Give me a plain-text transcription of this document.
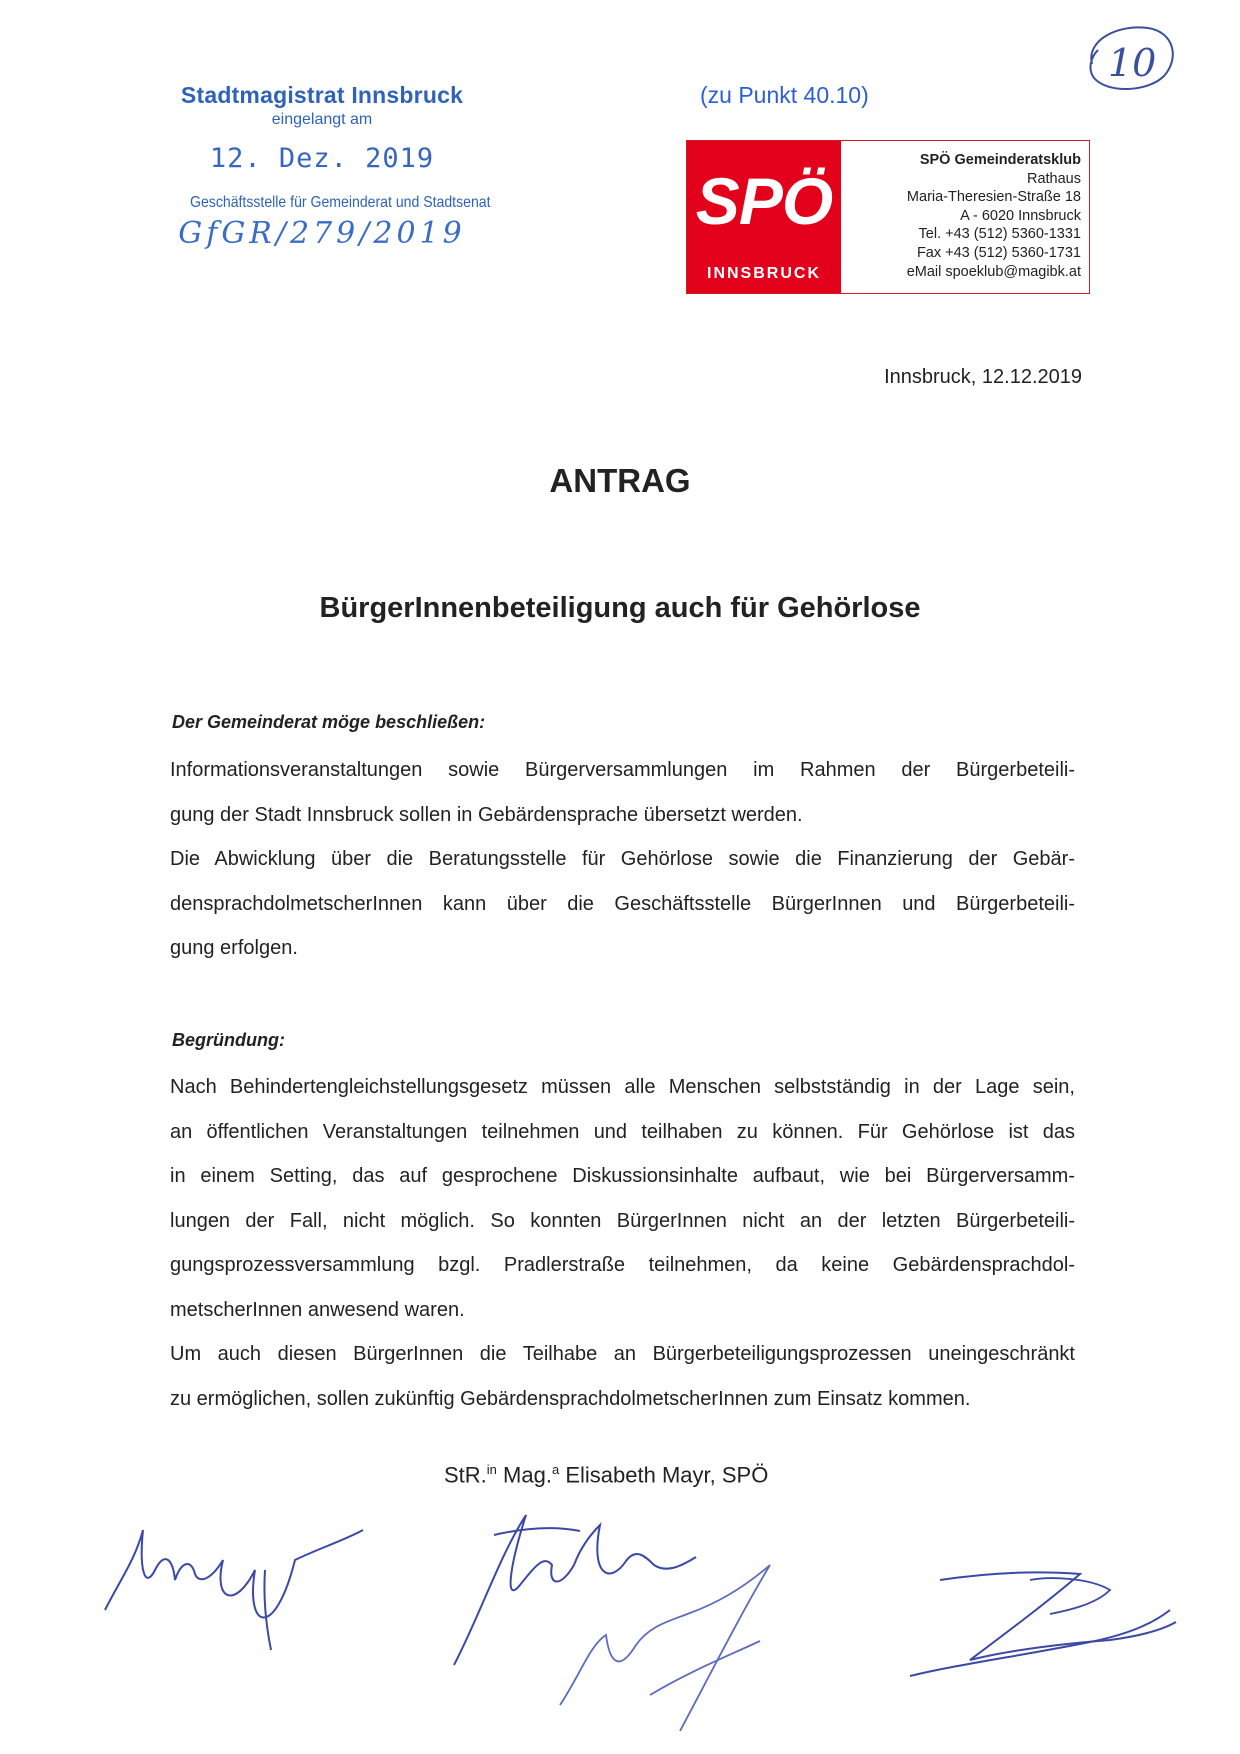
Stadtmagistrat Innsbruck
eingelangt am
12. Dez. 2019
Geschäftsstelle für Gemeinderat und Stadtsenat
GfGR/279/2019
(zu Punkt 40.10)
10
SPÖ
INNSBRUCK
SPÖ Gemeinderatsklub
Rathaus
Maria-Theresien-Straße 18
A - 6020 Innsbruck
Tel. +43 (512) 5360-1331
Fax +43 (512) 5360-1731
eMail spoeklub@magibk.at
Innsbruck, 12.12.2019
ANTRAG
BürgerInnenbeteiligung auch für Gehörlose
Der Gemeinderat möge beschließen:
Informationsveranstaltungen sowie Bürgerversammlungen im Rahmen der Bürgerbeteili-
gung der Stadt Innsbruck sollen in Gebärdensprache übersetzt werden.
Die Abwicklung über die Beratungsstelle für Gehörlose sowie die Finanzierung der Gebär-
densprachdolmetscherInnen kann über die Geschäftsstelle BürgerInnen und Bürgerbeteili-
gung erfolgen.
Begründung:
Nach Behindertengleichstellungsgesetz müssen alle Menschen selbstständig in der Lage sein,
an öffentlichen Veranstaltungen teilnehmen und teilhaben zu können. Für Gehörlose ist das
in einem Setting, das auf gesprochene Diskussionsinhalte aufbaut, wie bei Bürgerversamm-
lungen der Fall, nicht möglich. So konnten BürgerInnen nicht an der letzten Bürgerbeteili-
gungsprozessversammlung bzgl. Pradlerstraße teilnehmen, da keine Gebärdensprachdol-
metscherInnen anwesend waren.
Um auch diesen BürgerInnen die Teilhabe an Bürgerbeteiligungsprozessen uneingeschränkt
zu ermöglichen, sollen zukünftig GebärdensprachdolmetscherInnen zum Einsatz kommen.
StR.$^{in}$ Mag.$^a$ Elisabeth Mayr, SPÖ
